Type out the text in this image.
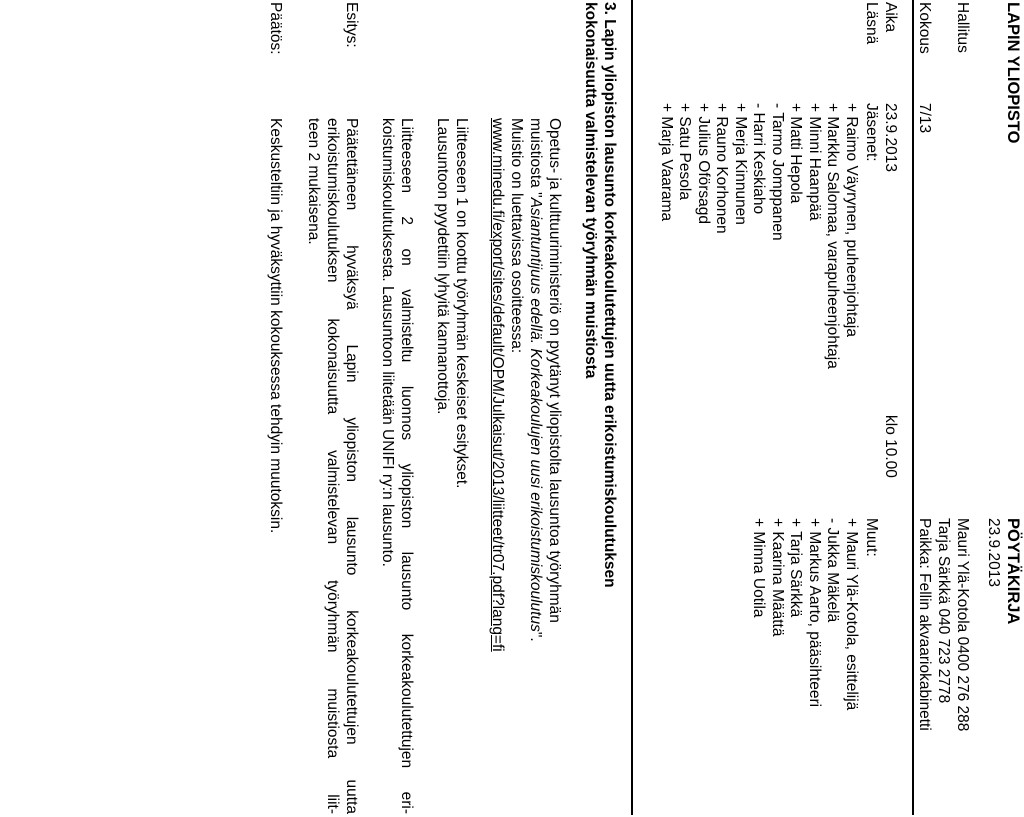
LAPIN YLIOPISTO
PÖYTÄKIRJA
23.9.2013
Hallitus
Mauri Ylä-Kotola 0400 276 288
Tarja Särkkä 040 723 2778
Kokous
7/13
Paikka: Fellin akvaariokabinetti
Aika
23.9.2013
klo 10.00
Läsnä
Jäsenet:
Muut:
+ Raimo Väyrynen, puheenjohtaja
+ Markku Salomaa, varapuheenjohtaja
+ Minni Haanpää
+ Matti Hepola
- Tarmo Jomppanen
- Harri Keskiaho
+ Merja Kinnunen
+ Rauno Korhonen
+ Julius Oförsagd
+ Satu Pesola
+ Marja Vaarama
+ Mauri Ylä-Kotola, esittelijä
- Jukka Mäkelä
+ Markus Aarto, pääsihteeri
+ Tarja Särkkä
+ Kaarina Määttä
+ Minna Uotila
3. Lapin yliopiston lausunto korkeakoulutettujen uutta erikoistumiskoulutuksen
kokonaisuutta valmistelevan työryhmän muistiosta
Opetus- ja kulttuuriministeriö on pyytänyt yliopistolta lausuntoa työryhmän
muistiosta "Asiantuntijuus edellä. Korkeakoulujen uusi erikoistumiskoulutus".
Muistio on luettavissa osoitteessa:
www.minedu.fi/export/sites/default/OPM/Julkaisut/2013/liitteet/tr07.pdf?lang=fi
Liitteeseen 1 on koottu työryhmän keskeiset esitykset.
Lausuntoon pyydettiin lyhyitä kannanottoja.
Liitteeseen 2 on valmisteltu luonnos yliopiston lausunto korkeakoulutettujen eri-
koistumiskoulutuksesta. Lausuntoon liitetään UNIFI ry:n lausunto.
Esitys:
Päätettäneen hyväksyä Lapin yliopiston lausunto korkeakoulutettujen uutta
erikoistumiskoulutuksen kokonaisuutta valmistelevan työryhmän muistiosta liit-
teen 2 mukaisena.
Päätös:
Keskusteltiin ja hyväksyttiin kokouksessa tehdyin muutoksin.
